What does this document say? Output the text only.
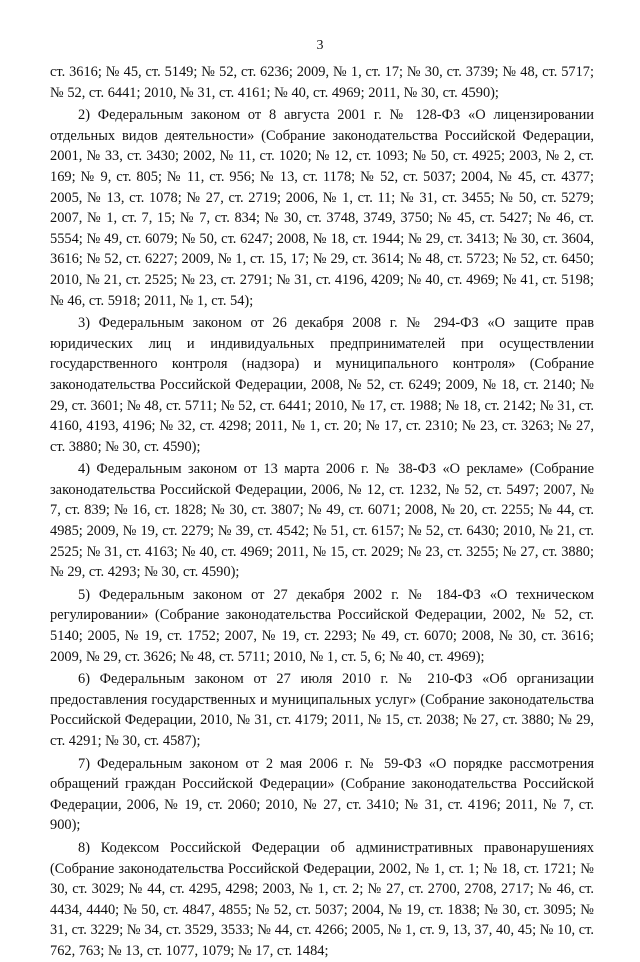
3

ст. 3616; № 45, ст. 5149; № 52, ст. 6236; 2009, № 1, ст. 17; № 30, ст. 3739; № 48, ст. 5717; № 52, ст. 6441; 2010, № 31, ст. 4161; № 40, ст. 4969; 2011, № 30, ст. 4590);

2) Федеральным законом от 8 августа 2001 г. № 128-ФЗ «О лицензировании отдельных видов деятельности» (Собрание законодательства Российской Федерации, 2001, № 33, ст. 3430; 2002, № 11, ст. 1020; № 12, ст. 1093; № 50, ст. 4925; 2003, № 2, ст. 169; № 9, ст. 805; № 11, ст. 956; № 13, ст. 1178; № 52, ст. 5037; 2004, № 45, ст. 4377; 2005, № 13, ст. 1078; № 27, ст. 2719; 2006, № 1, ст. 11; № 31, ст. 3455; № 50, ст. 5279; 2007, № 1, ст. 7, 15; № 7, ст. 834; № 30, ст. 3748, 3749, 3750; № 45, ст. 5427; № 46, ст. 5554; № 49, ст. 6079; № 50, ст. 6247; 2008, № 18, ст. 1944; № 29, ст. 3413; № 30, ст. 3604, 3616; № 52, ст. 6227; 2009, № 1, ст. 15, 17; № 29, ст. 3614; № 48, ст. 5723; № 52, ст. 6450; 2010, № 21, ст. 2525; № 23, ст. 2791; № 31, ст. 4196, 4209; № 40, ст. 4969; № 41, ст. 5198; № 46, ст. 5918; 2011, № 1, ст. 54);

3) Федеральным законом от 26 декабря 2008 г. № 294-ФЗ «О защите прав юридических лиц и индивидуальных предпринимателей при осуществлении государственного контроля (надзора) и муниципального контроля» (Собрание законодательства Российской Федерации, 2008, № 52, ст. 6249; 2009, № 18, ст. 2140; № 29, ст. 3601; № 48, ст. 5711; № 52, ст. 6441; 2010, № 17, ст. 1988; № 18, ст. 2142; № 31, ст. 4160, 4193, 4196; № 32, ст. 4298; 2011, № 1, ст. 20; № 17, ст. 2310; № 23, ст. 3263; № 27, ст. 3880; № 30, ст. 4590);

4) Федеральным законом от 13 марта 2006 г. № 38-ФЗ «О рекламе» (Собрание законодательства Российской Федерации, 2006, № 12, ст. 1232, № 52, ст. 5497; 2007, № 7, ст. 839; № 16, ст. 1828; № 30, ст. 3807; № 49, ст. 6071; 2008, № 20, ст. 2255; № 44, ст. 4985; 2009, № 19, ст. 2279; № 39, ст. 4542; № 51, ст. 6157; № 52, ст. 6430; 2010, № 21, ст. 2525; № 31, ст. 4163; № 40, ст. 4969; 2011, № 15, ст. 2029; № 23, ст. 3255; № 27, ст. 3880; № 29, ст. 4293; № 30, ст. 4590);

5) Федеральным законом от 27 декабря 2002 г. № 184-ФЗ «О техническом регулировании» (Собрание законодательства Российской Федерации, 2002, № 52, ст. 5140; 2005, № 19, ст. 1752; 2007, № 19, ст. 2293; № 49, ст. 6070; 2008, № 30, ст. 3616; 2009, № 29, ст. 3626; № 48, ст. 5711; 2010, № 1, ст. 5, 6; № 40, ст. 4969);

6) Федеральным законом от 27 июля 2010 г. № 210-ФЗ «Об организации предоставления государственных и муниципальных услуг» (Собрание законодательства Российской Федерации, 2010, № 31, ст. 4179; 2011, № 15, ст. 2038; № 27, ст. 3880; № 29, ст. 4291; № 30, ст. 4587);

7) Федеральным законом от 2 мая 2006 г. № 59-ФЗ «О порядке рассмотрения обращений граждан Российской Федерации» (Собрание законодательства Российской Федерации, 2006, № 19, ст. 2060; 2010, № 27, ст. 3410; № 31, ст. 4196; 2011, № 7, ст. 900);

8) Кодексом Российской Федерации об административных правонарушениях (Собрание законодательства Российской Федерации, 2002, № 1, ст. 1; № 18, ст. 1721; № 30, ст. 3029; № 44, ст. 4295, 4298; 2003, № 1, ст. 2; № 27, ст. 2700, 2708, 2717; № 46, ст. 4434, 4440; № 50, ст. 4847, 4855; № 52, ст. 5037; 2004, № 19, ст. 1838; № 30, ст. 3095; № 31, ст. 3229; № 34, ст. 3529, 3533; № 44, ст. 4266; 2005, № 1, ст. 9, 13, 37, 40, 45; № 10, ст. 762, 763; № 13, ст. 1077, 1079; № 17, ст. 1484;
